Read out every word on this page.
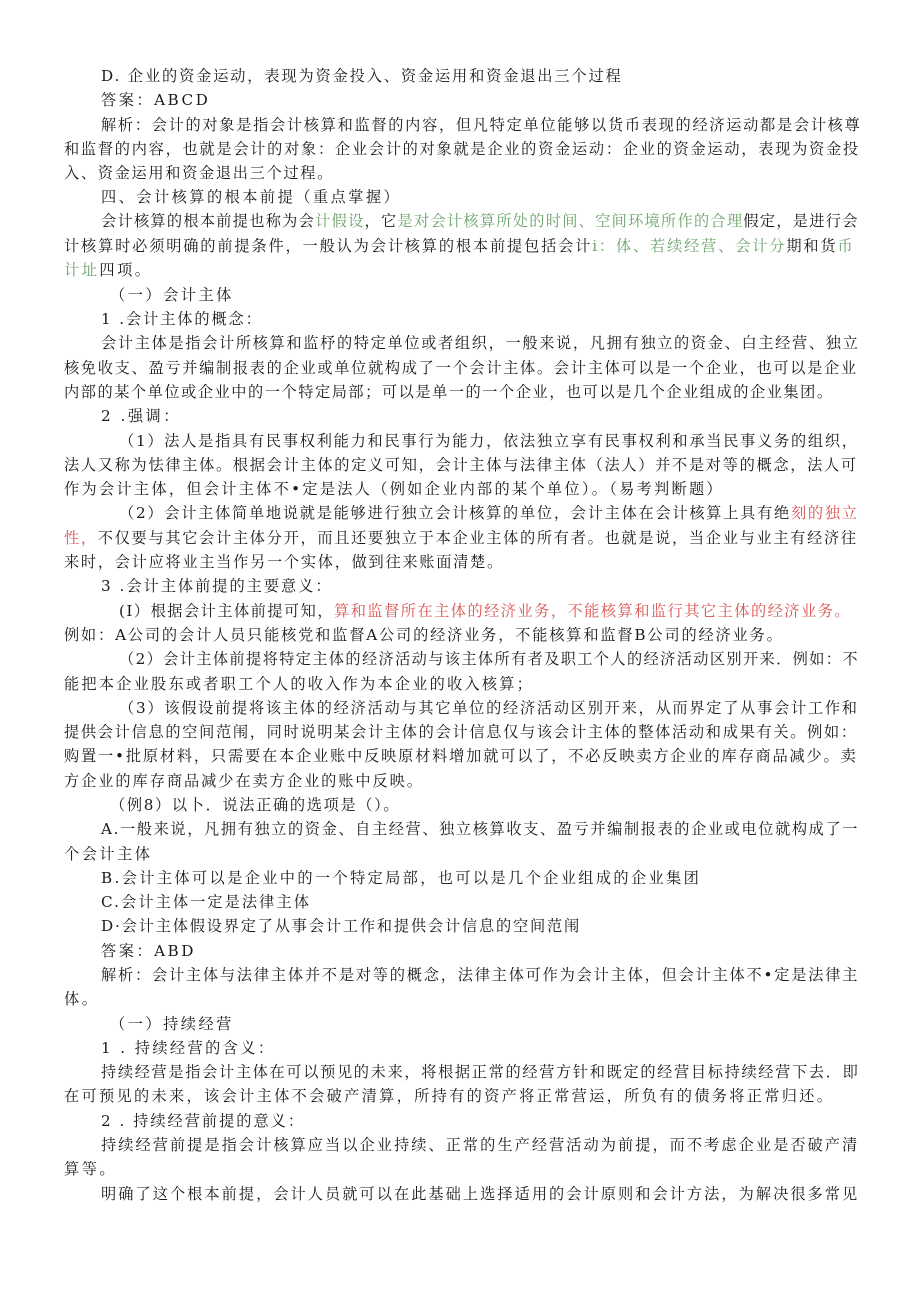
D. 企业的资金运动，表现为资金投入、资金运用和资金退出三个过程
答案：ABCD
解析：会计的对象是指会计核算和监督的内容，但凡特定单位能够以货币表现的经济运动都是会计核尊
和监督的内容，也就是会计的对象：企业会计的对象就是企业的资金运动：企业的资金运动，表现为资金投
入、资金运用和资金退出三个过程。
四、会计核算的根本前提（重点掌握）
会计核算的根本前提也称为会计假设，它是对会计核算所处的时间、空间环境所作的合理假定，是进行会
计核算时必须明确的前提条件，一般认为会计核算的根本前提包括会计i：体、若续经营、会计分期和货币
计址四项。
（一）会计主体
1 .会计主体的概念：
会计主体是指会计所核算和监杼的特定单位或者组织，一般来说，凡拥有独立的资金、白主经营、独立
核免收支、盈亏并编制报表的企业或单位就构成了一个会计主体。会计主体可以是一个企业，也可以是企业
内部的某个单位或企业中的一个特定局部；可以是单一的一个企业，也可以是几个企业组成的企业集团。
2 .强调：
（1）法人是指具有民事权利能力和民事行为能力，依法独立享有民事权利和承当民事义务的组织，
法人又称为怯律主体。根据会计主体的定义可知，会计主体与法律主体（法人）并不是对等的概念，法人可
作为会计主体，但会计主体不•定是法人（例如企业内部的某个单位）。（易考判断题）
（2）会计主体简单地说就是能够进行独立会计核算的单位，会计主体在会计核算上具有绝刻的独立
性，不仅要与其它会计主体分开，而且还要独立于本企业主体的所有者。也就是说，当企业与业主有经济往
来时，会计应将业主当作另一个实体，做到往来账面清楚。
3 .会计主体前提的主要意义：
(I）根据会计主体前提可知，算和监督所在主体的经济业务，不能核算和监行其它主体的经济业务。
例如：A公司的会计人员只能核党和监督A公司的经济业务，不能核算和监督B公司的经济业务。
（2）会计主体前提将特定主体的经济活动与该主体所有者及职工个人的经济活动区别开来．例如：不
能把本企业股东或者职工个人的收入作为本企业的收入核算；
（3）该假设前提将该主体的经济活动与其它单位的经济活动区别开来，从而界定了从事会计工作和
提供会计信息的空间范闱，同时说明某会计主体的会计信息仅与该会计主体的整体活动和成果有关。例如：
购置一•批原材料，只需要在本企业账中反映原材料增加就可以了，不必反映卖方企业的库存商品减少。卖
方企业的库存商品减少在卖方企业的账中反映。
（例8）以卜．说法正确的选项是（）。
A.一般来说，凡拥有独立的资金、自主经营、独立核算收支、盈亏并编制报表的企业或电位就构成了一
个会计主体
B.会计主体可以是企业中的一个特定局部，也可以是几个企业组成的企业集团
C.会计主体一定是法律主体
D·会计主体假设界定了从事会计工作和提供会计信息的空间范闱
答案：ABD
解析：会计主体与法律主体并不是对等的概念，法律主体可作为会计主体，但会计主体不•定是法律主
体。
（一）持续经营
1 . 持续经营的含义：
持续经营是指会计主体在可以预见的未来，将根据正常的经营方针和既定的经营目标持续经营下去．即
在可预见的未来，该会计主体不会破产清算，所持有的资产将正常营运，所负有的债务将正常归还。
2 . 持续经营前提的意义：
持续经营前提是指会计核算应当以企业持续、正常的生产经营活动为前提，而不考虑企业是否破产清
算等。
明确了这个根本前提，会计人员就可以在此基础上选择适用的会计原则和会计方法，为解决很多常见
